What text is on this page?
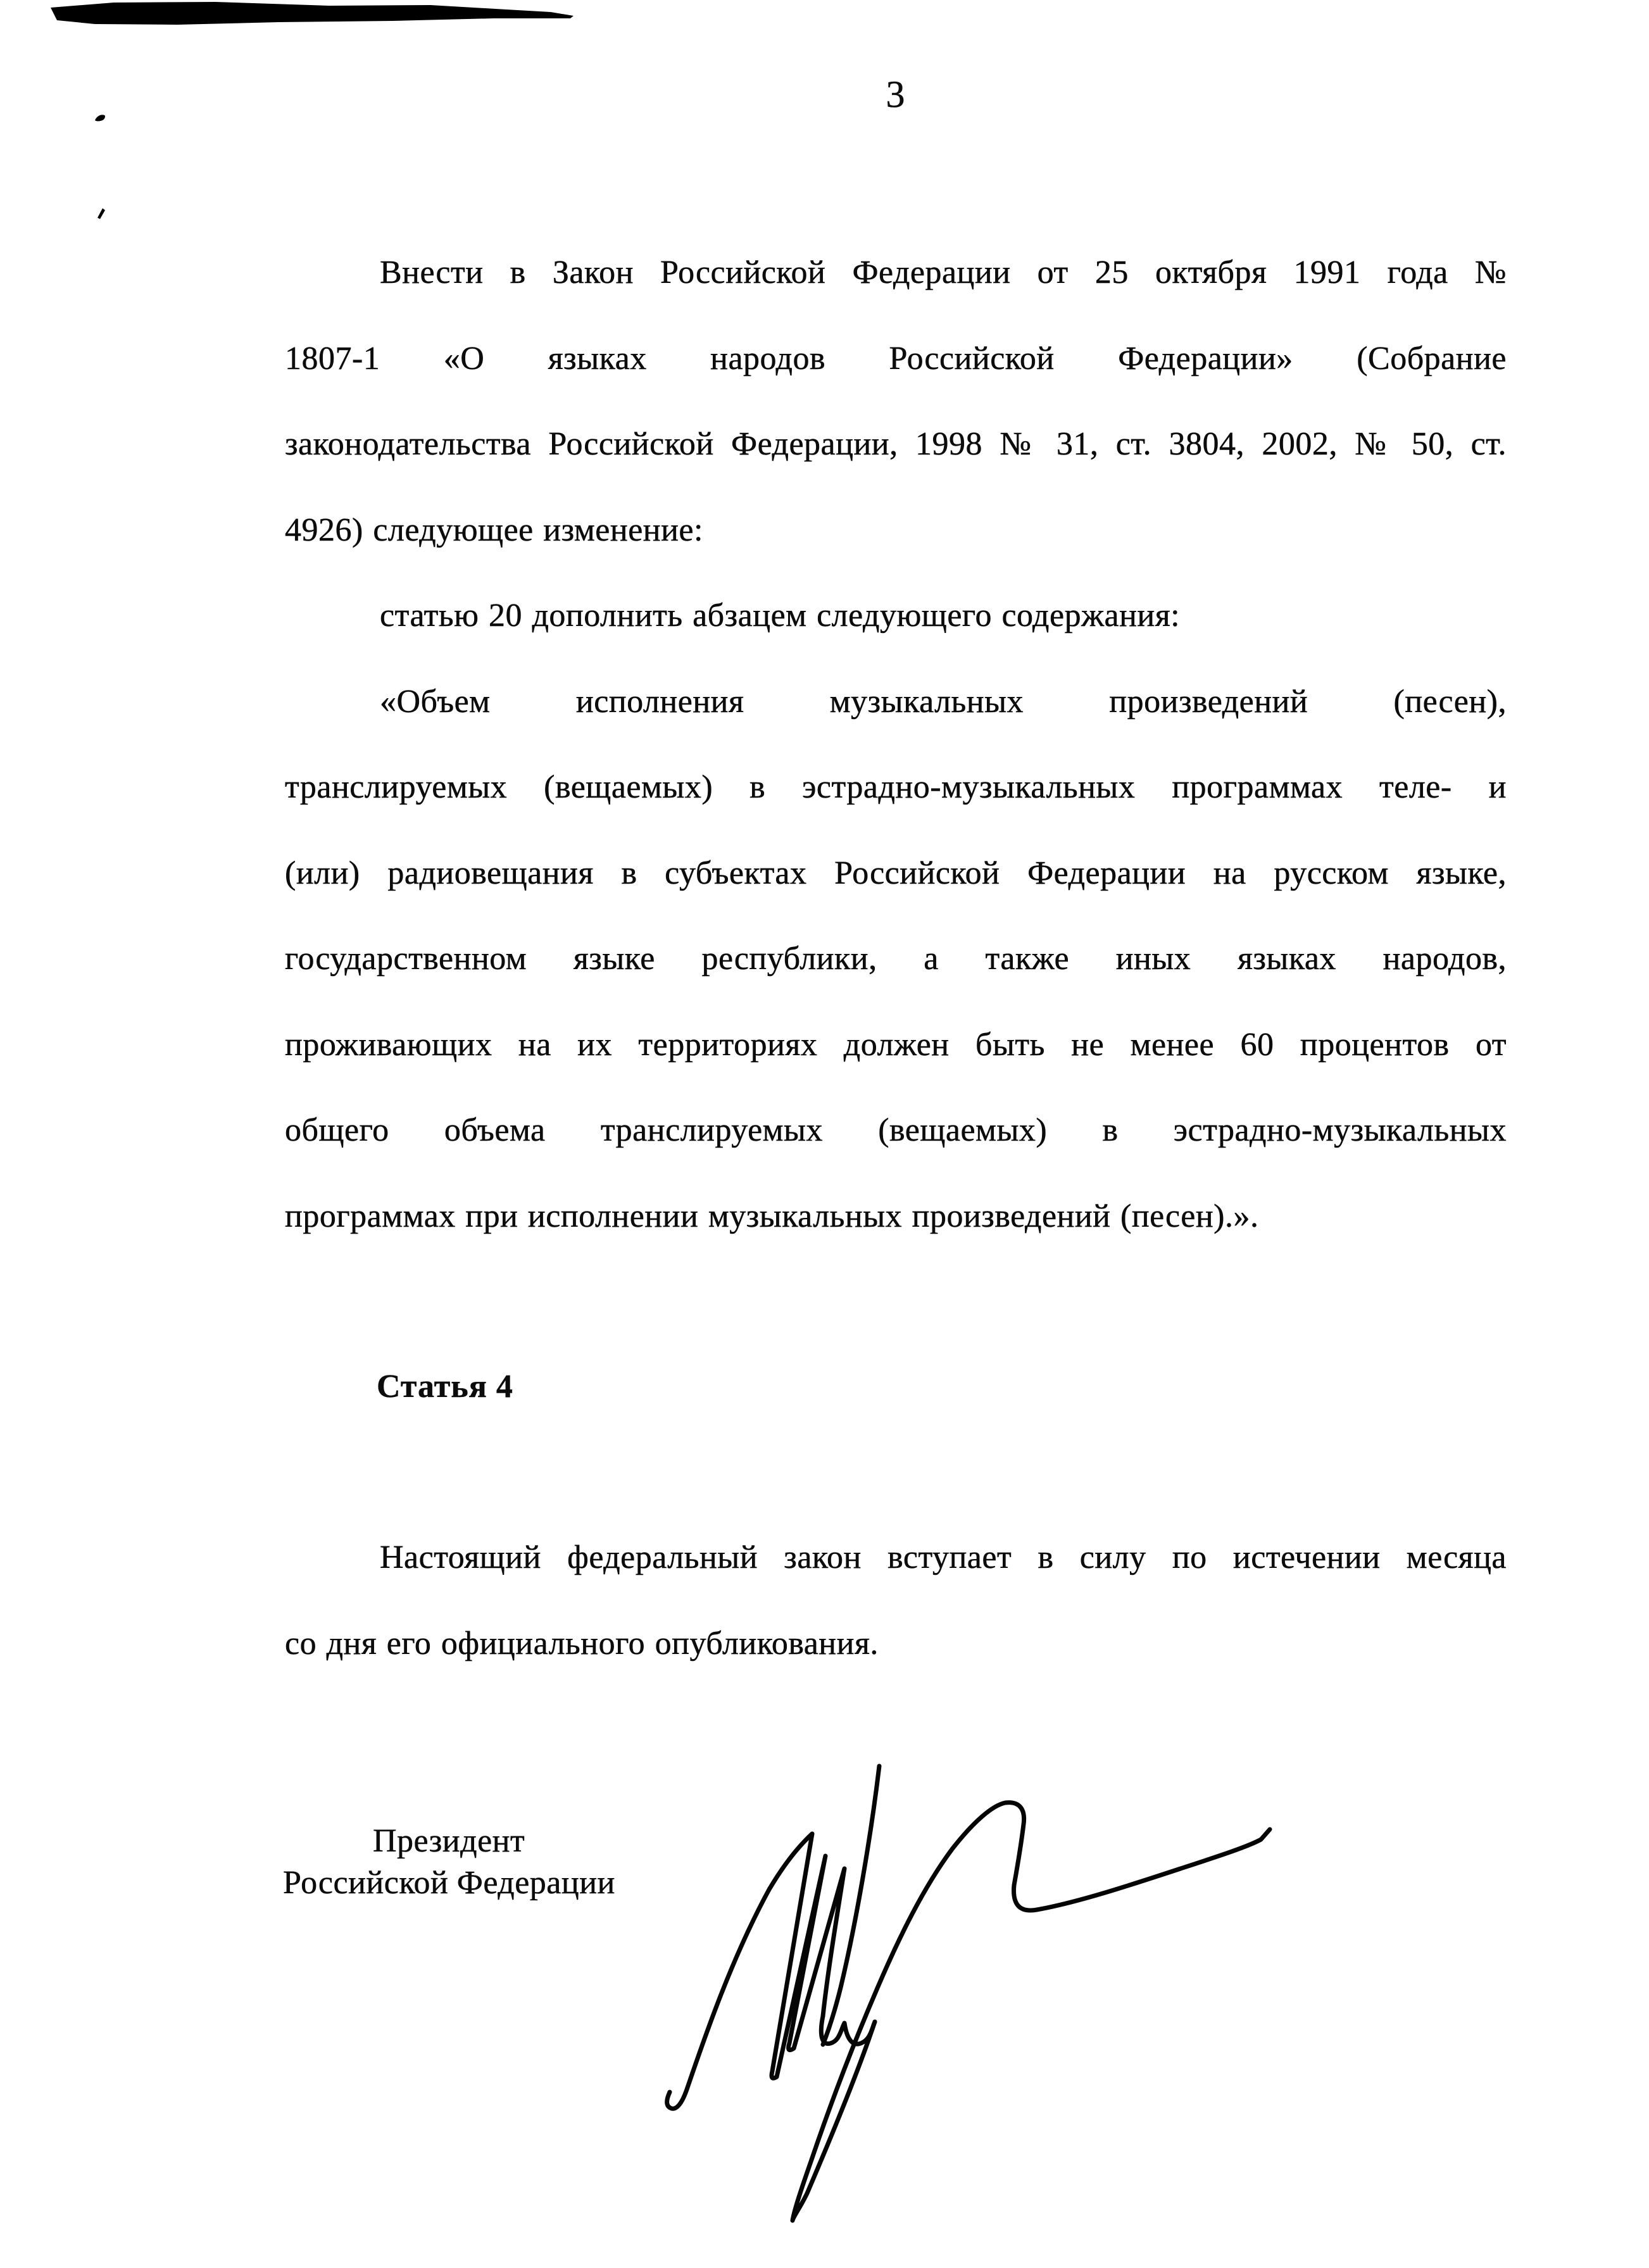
3
Внести в Закон Российской Федерации от 25 октября 1991 года №
1807-1 «О языках народов Российской Федерации» (Собрание
законодательства Российской Федерации, 1998 № 31, ст. 3804, 2002, № 50, ст.
4926) следующее изменение:
статью 20 дополнить абзацем следующего содержания:
«Объем исполнения музыкальных произведений (песен),
транслируемых (вещаемых) в эстрадно-музыкальных программах теле- и
(или) радиовещания в субъектах Российской Федерации на русском языке,
государственном языке республики, а также иных языках народов,
проживающих на их территориях должен быть не менее 60 процентов от
общего объема транслируемых (вещаемых) в эстрадно-музыкальных
программах при исполнении музыкальных произведений (песен).».
Статья 4
Настоящий федеральный закон вступает в силу по истечении месяца
со дня его официального опубликования.
Президент
Российской Федерации
